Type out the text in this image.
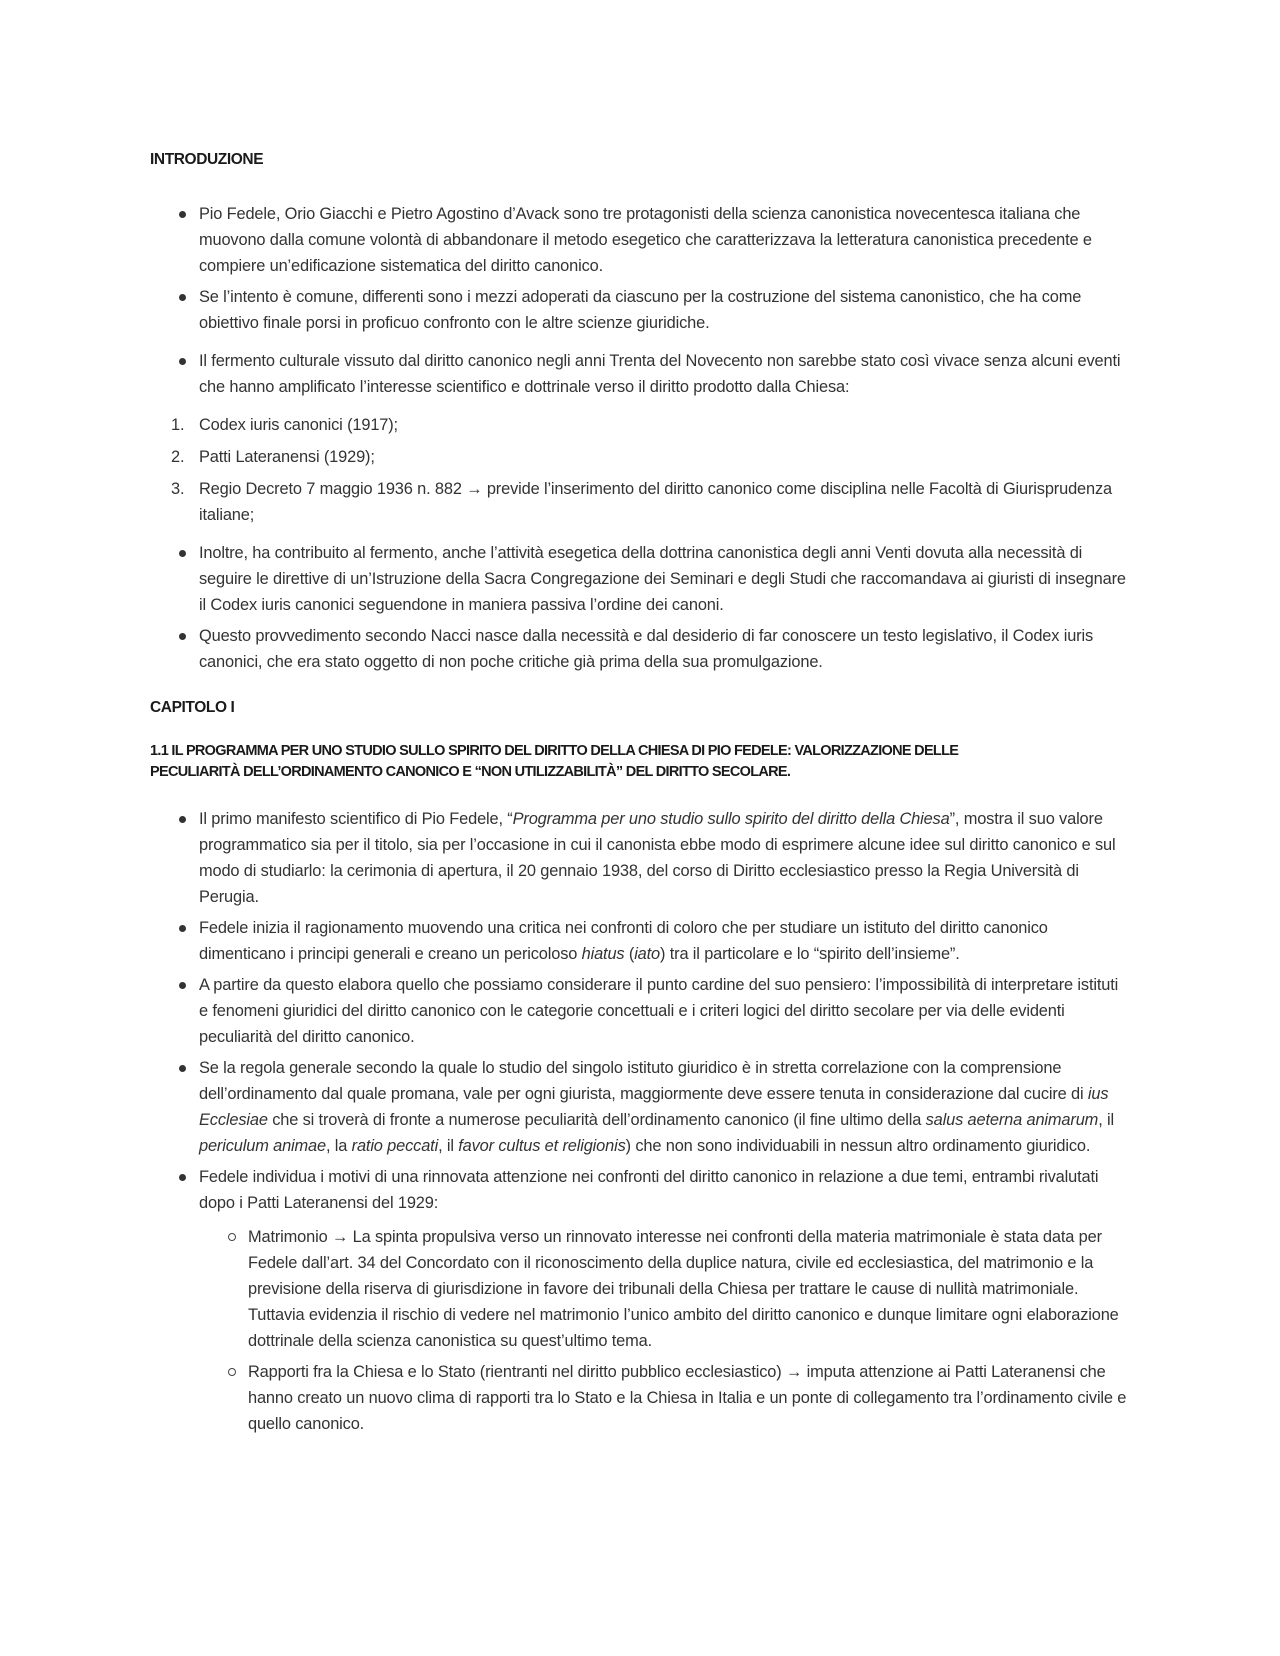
INTRODUZIONE
Pio Fedele, Orio Giacchi e Pietro Agostino d’Avack sono tre protagonisti della scienza canonistica novecentesca italiana che muovono dalla comune volontà di abbandonare il metodo esegetico che caratterizzava la letteratura canonistica precedente e compiere un’edificazione sistematica del diritto canonico.
Se l’intento è comune, differenti sono i mezzi adoperati da ciascuno per la costruzione del sistema canonistico, che ha come obiettivo finale porsi in proficuo confronto con le altre scienze giuridiche.
Il fermento culturale vissuto dal diritto canonico negli anni Trenta del Novecento non sarebbe stato così vivace senza alcuni eventi che hanno amplificato l’interesse scientifico e dottrinale verso il diritto prodotto dalla Chiesa:
1. Codex iuris canonici (1917);
2. Patti Lateranensi (1929);
3. Regio Decreto 7 maggio 1936 n. 882 → previde l’inserimento del diritto canonico come disciplina nelle Facoltà di Giurisprudenza italiane;
Inoltre, ha contribuito al fermento, anche l’attività esegetica della dottrina canonistica degli anni Venti dovuta alla necessità di seguire le direttive di un’Istruzione della Sacra Congregazione dei Seminari e degli Studi che raccomandava ai giuristi di insegnare il Codex iuris canonici seguendone in maniera passiva l’ordine dei canoni.
Questo provvedimento secondo Nacci nasce dalla necessità e dal desiderio di far conoscere un testo legislativo, il Codex iuris canonici, che era stato oggetto di non poche critiche già prima della sua promulgazione.
CAPITOLO I
1.1 IL PROGRAMMA PER UNO STUDIO SULLO SPIRITO DEL DIRITTO DELLA CHIESA DI PIO FEDELE: VALORIZZAZIONE DELLE
PECULIARITÀ DELL’ORDINAMENTO CANONICO E “NON UTILIZZABILITÀ” DEL DIRITTO SECOLARE.
Il primo manifesto scientifico di Pio Fedele, “Programma per uno studio sullo spirito del diritto della Chiesa”, mostra il suo valore programmatico sia per il titolo, sia per l’occasione in cui il canonista ebbe modo di esprimere alcune idee sul diritto canonico e sul modo di studiarlo: la cerimonia di apertura, il 20 gennaio 1938, del corso di Diritto ecclesiastico presso la Regia Università di Perugia.
Fedele inizia il ragionamento muovendo una critica nei confronti di coloro che per studiare un istituto del diritto canonico dimenticano i principi generali e creano un pericoloso hiatus (iato) tra il particolare e lo “spirito dell’insieme”.
A partire da questo elabora quello che possiamo considerare il punto cardine del suo pensiero: l’impossibilità di interpretare istituti e fenomeni giuridici del diritto canonico con le categorie concettuali e i criteri logici del diritto secolare per via delle evidenti peculiarità del diritto canonico.
Se la regola generale secondo la quale lo studio del singolo istituto giuridico è in stretta correlazione con la comprensione dell’ordinamento dal quale promana, vale per ogni giurista, maggiormente deve essere tenuta in considerazione dal cucire di ius Ecclesiae che si troverà di fronte a numerose peculiarità dell’ordinamento canonico (il fine ultimo della salus aeterna animarum, il periculum animae, la ratio peccati, il favor cultus et religionis) che non sono individuabili in nessun altro ordinamento giuridico.
Fedele individua i motivi di una rinnovata attenzione nei confronti del diritto canonico in relazione a due temi, entrambi rivalutati dopo i Patti Lateranensi del 1929:
Matrimonio → La spinta propulsiva verso un rinnovato interesse nei confronti della materia matrimoniale è stata data per Fedele dall’art. 34 del Concordato con il riconoscimento della duplice natura, civile ed ecclesiastica, del matrimonio e la previsione della riserva di giurisdizione in favore dei tribunali della Chiesa per trattare le cause di nullità matrimoniale. Tuttavia evidenzia il rischio di vedere nel matrimonio l’unico ambito del diritto canonico e dunque limitare ogni elaborazione dottrinale della scienza canonistica su quest’ultimo tema.
Rapporti fra la Chiesa e lo Stato (rientranti nel diritto pubblico ecclesiastico) → imputa attenzione ai Patti Lateranensi che hanno creato un nuovo clima di rapporti tra lo Stato e la Chiesa in Italia e un ponte di collegamento tra l’ordinamento civile e quello canonico.
